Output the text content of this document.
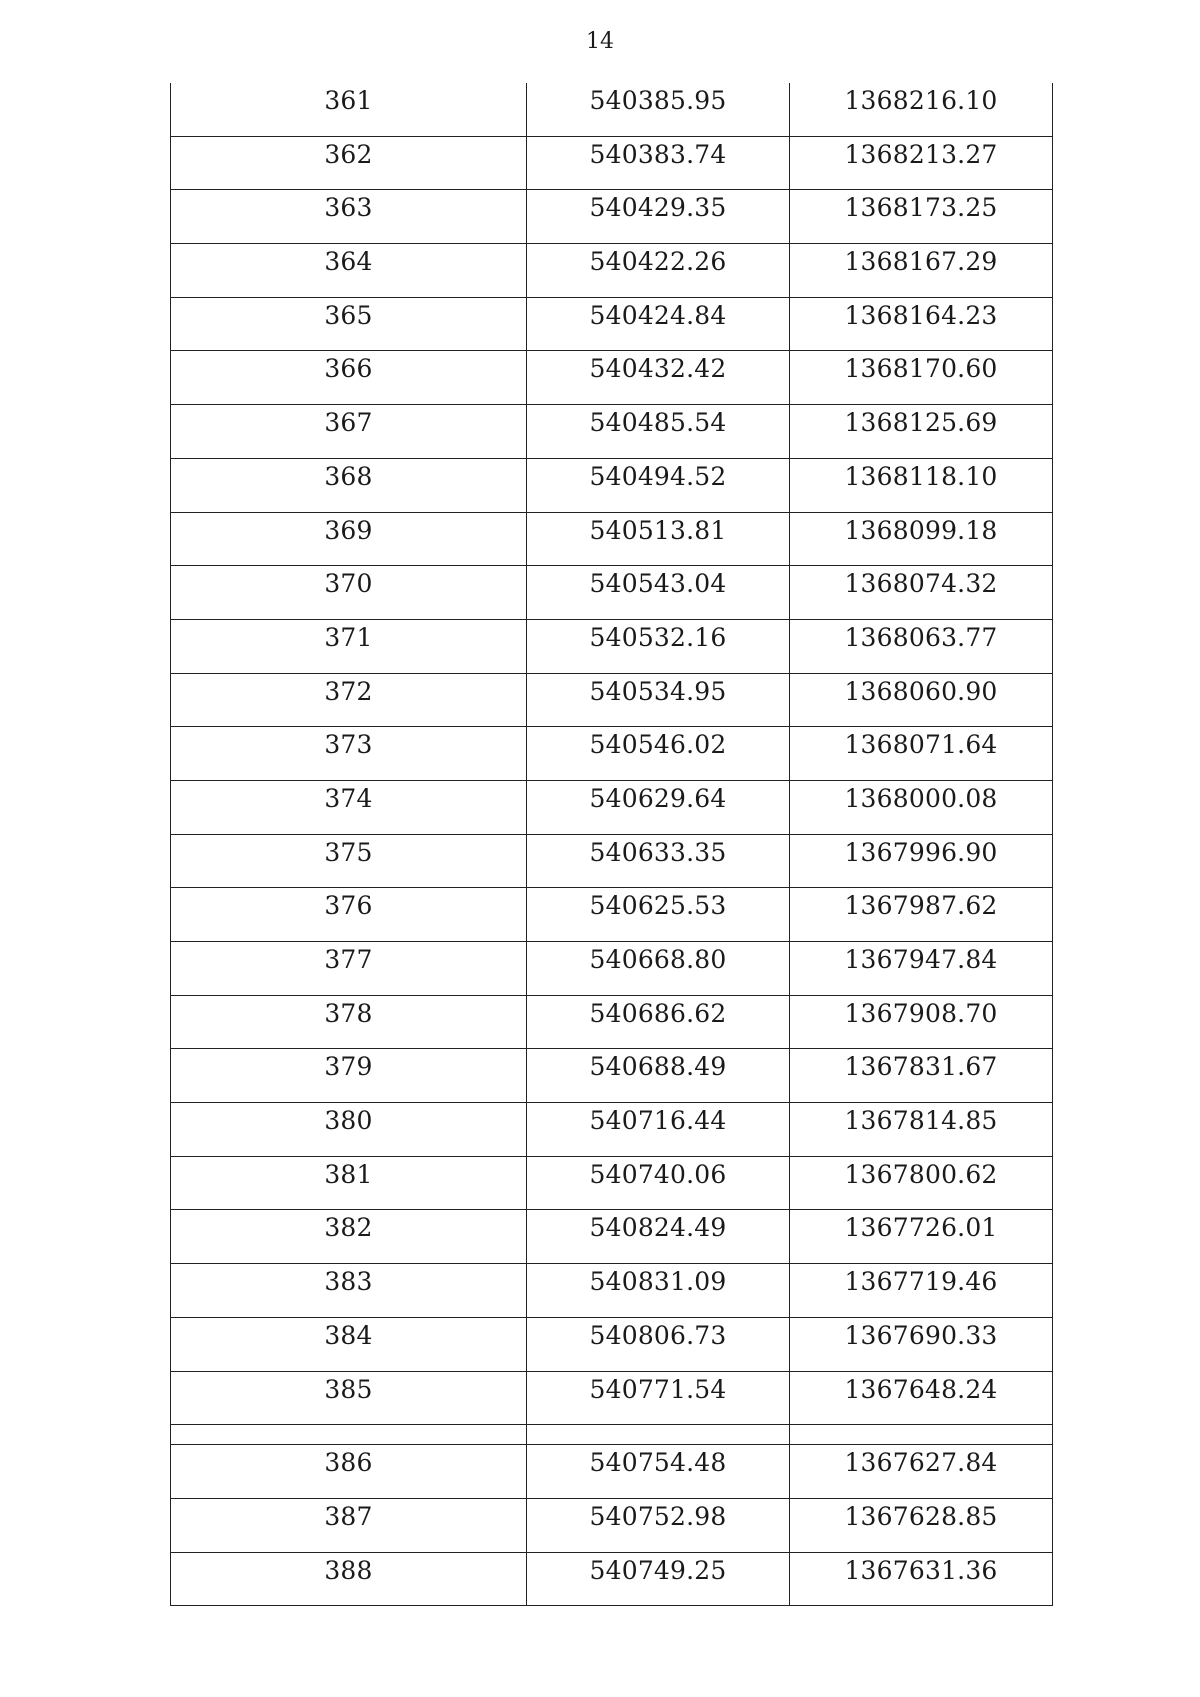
14
361	540385.95	1368216.10
362	540383.74	1368213.27
363	540429.35	1368173.25
364	540422.26	1368167.29
365	540424.84	1368164.23
366	540432.42	1368170.60
367	540485.54	1368125.69
368	540494.52	1368118.10
369	540513.81	1368099.18
370	540543.04	1368074.32
371	540532.16	1368063.77
372	540534.95	1368060.90
373	540546.02	1368071.64
374	540629.64	1368000.08
375	540633.35	1367996.90
376	540625.53	1367987.62
377	540668.80	1367947.84
378	540686.62	1367908.70
379	540688.49	1367831.67
380	540716.44	1367814.85
381	540740.06	1367800.62
382	540824.49	1367726.01
383	540831.09	1367719.46
384	540806.73	1367690.33
385	540771.54	1367648.24

386	540754.48	1367627.84
387	540752.98	1367628.85
388	540749.25	1367631.36
